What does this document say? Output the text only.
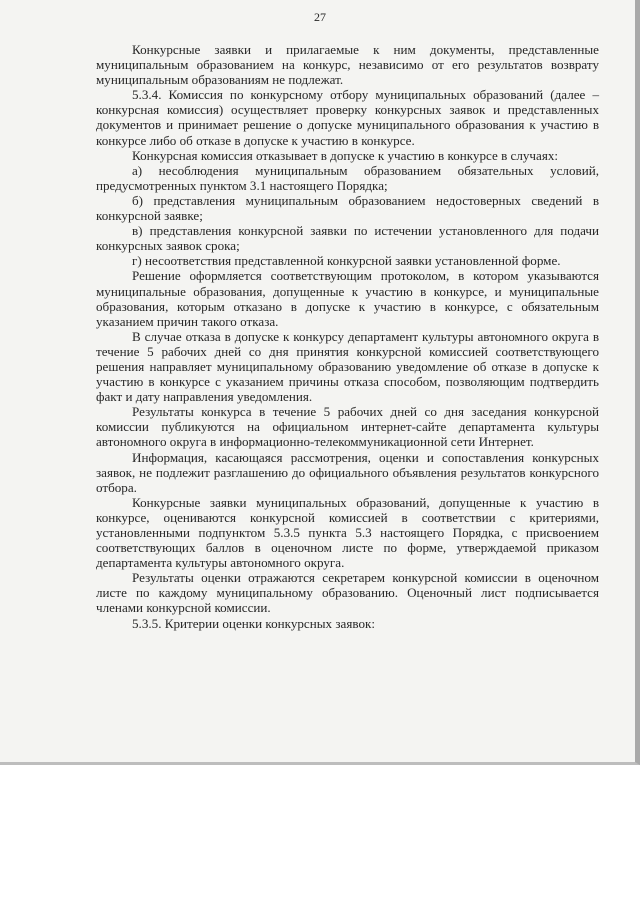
27

Конкурсные заявки и прилагаемые к ним документы, представленные муниципальным образованием на конкурс, независимо от его результатов возврату муниципальным образованиям не подлежат.

5.3.4. Комиссия по конкурсному отбору муниципальных образований (далее – конкурсная комиссия) осуществляет проверку конкурсных заявок и представленных документов и принимает решение о допуске муниципального образования к участию в конкурсе либо об отказе в допуске к участию в конкурсе.

Конкурсная комиссия отказывает в допуске к участию в конкурсе в случаях:

а) несоблюдения муниципальным образованием обязательных условий, предусмотренных пунктом 3.1 настоящего Порядка;

б) представления муниципальным образованием недостоверных сведений в конкурсной заявке;

в) представления конкурсной заявки по истечении установленного для подачи конкурсных заявок срока;

г) несоответствия представленной конкурсной заявки установленной форме.

Решение оформляется соответствующим протоколом, в котором указываются муниципальные образования, допущенные к участию в конкурсе, и муниципальные образования, которым отказано в допуске к участию в конкурсе, с обязательным указанием причин такого отказа.

В случае отказа в допуске к конкурсу департамент культуры автономного округа в течение 5 рабочих дней со дня принятия конкурсной комиссией соответствующего решения направляет муниципальному образованию уведомление об отказе в допуске к участию в конкурсе с указанием причины отказа способом, позволяющим подтвердить факт и дату направления уведомления.

Результаты конкурса в течение 5 рабочих дней со дня заседания конкурсной комиссии публикуются на официальном интернет-сайте департамента культуры автономного округа в информационно-телекоммуникационной сети Интернет.

Информация, касающаяся рассмотрения, оценки и сопоставления конкурсных заявок, не подлежит разглашению до официального объявления результатов конкурсного отбора.

Конкурсные заявки муниципальных образований, допущенные к участию в конкурсе, оцениваются конкурсной комиссией в соответствии с критериями, установленными подпунктом 5.3.5 пункта 5.3 настоящего Порядка, с присвоением соответствующих баллов в оценочном листе по форме, утверждаемой приказом департамента культуры автономного округа.

Результаты оценки отражаются секретарем конкурсной комиссии в оценочном листе по каждому муниципальному образованию. Оценочный лист подписывается членами конкурсной комиссии.

5.3.5. Критерии оценки конкурсных заявок:
